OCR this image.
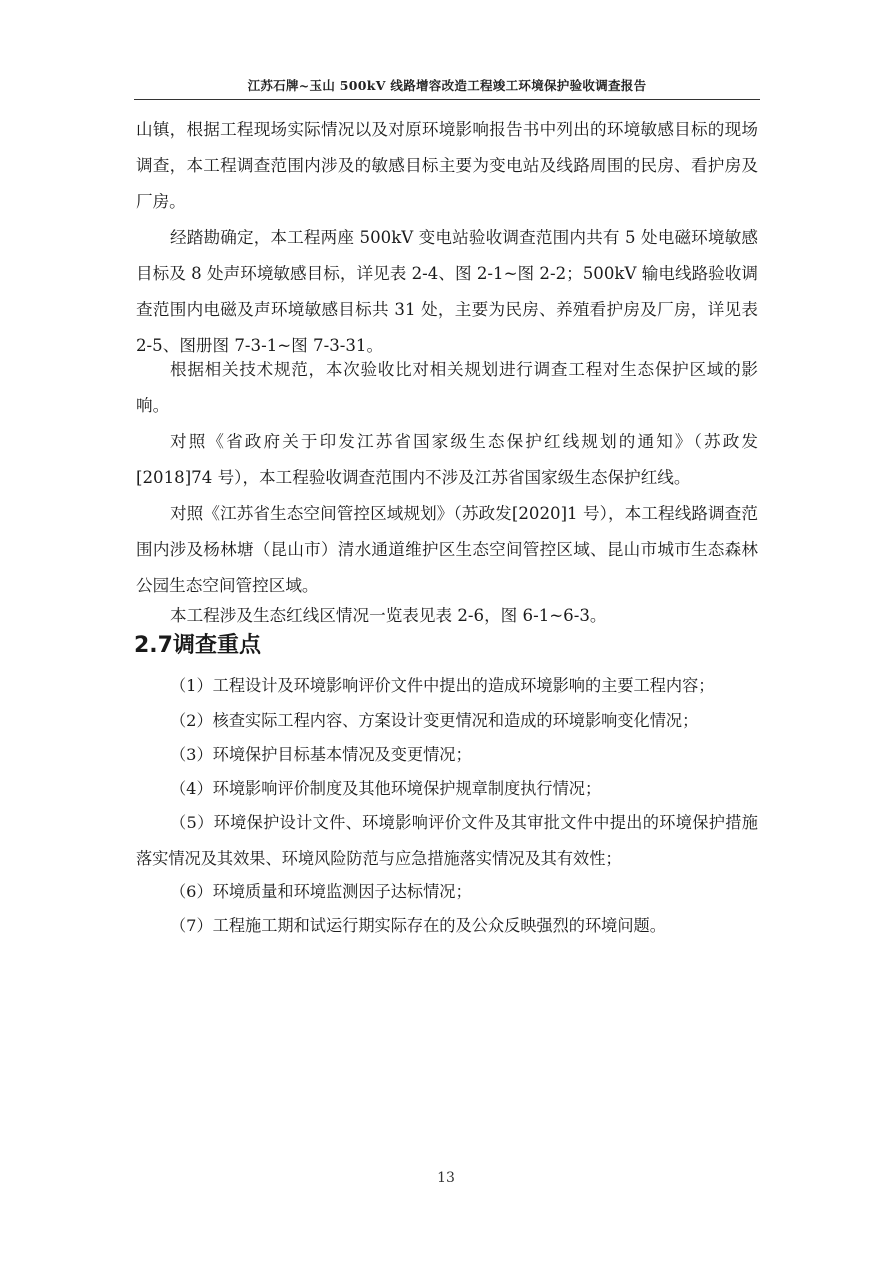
江苏石牌~玉山 500kV 线路增容改造工程竣工环境保护验收调查报告

山镇，根据工程现场实际情况以及对原环境影响报告书中列出的环境敏感目标的现场调查，本工程调查范围内涉及的敏感目标主要为变电站及线路周围的民房、看护房及厂房。

经踏勘确定，本工程两座 500kV 变电站验收调查范围内共有 5 处电磁环境敏感目标及 8 处声环境敏感目标，详见表 2-4、图 2-1~图 2-2；500kV 输电线路验收调查范围内电磁及声环境敏感目标共 31 处，主要为民房、养殖看护房及厂房，详见表 2-5、图册图 7-3-1~图 7-3-31。

根据相关技术规范，本次验收比对相关规划进行调查工程对生态保护区域的影响。

对照《省政府关于印发江苏省国家级生态保护红线规划的通知》（苏政发[2018]74 号），本工程验收调查范围内不涉及江苏省国家级生态保护红线。

对照《江苏省生态空间管控区域规划》（苏政发[2020]1 号），本工程线路调查范围内涉及杨林塘（昆山市）清水通道维护区生态空间管控区域、昆山市城市生态森林公园生态空间管控区域。

本工程涉及生态红线区情况一览表见表 2-6，图 6-1~6-3。

2.7调查重点

（1）工程设计及环境影响评价文件中提出的造成环境影响的主要工程内容；

（2）核查实际工程内容、方案设计变更情况和造成的环境影响变化情况；

（3）环境保护目标基本情况及变更情况；

（4）环境影响评价制度及其他环境保护规章制度执行情况；

（5）环境保护设计文件、环境影响评价文件及其审批文件中提出的环境保护措施落实情况及其效果、环境风险防范与应急措施落实情况及其有效性；

（6）环境质量和环境监测因子达标情况；

（7）工程施工期和试运行期实际存在的及公众反映强烈的环境问题。

13
